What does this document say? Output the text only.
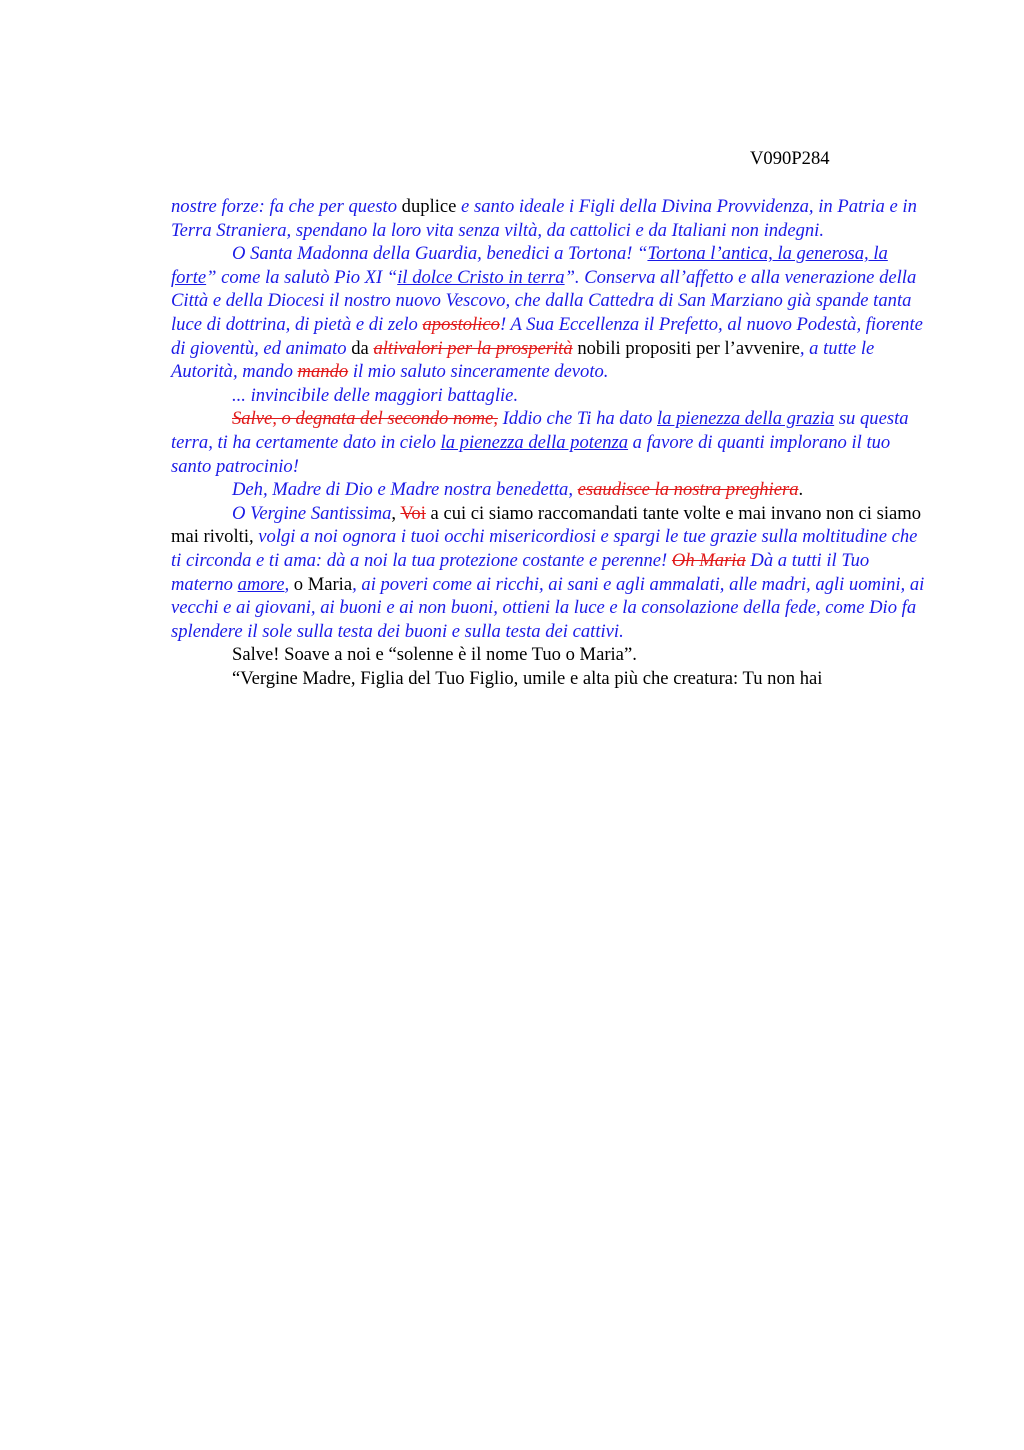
V090P284

nostre forze: fa che per questo duplice e santo ideale i Figli della Divina Provvidenza, in Patria e in Terra Straniera, spendano la loro vita senza viltà, da cattolici e da Italiani non indegni.

O Santa Madonna della Guardia, benedici a Tortona! “Tortona l’antica, la generosa, la forte” come la salutò Pio XI “il dolce Cristo in terra”. Conserva all’affetto e alla venerazione della Città e della Diocesi il nostro nuovo Vescovo, che dalla Cattedra di San Marziano già spande tanta luce di dottrina, di pietà e di zelo apostolico! A Sua Eccellenza il Prefetto, al nuovo Podestà, fiorente di gioventù, ed animato da altivalori per la prosperità nobili propositi per l’avvenire, a tutte le Autorità, mando mando il mio saluto sinceramente devoto.

... invincibile delle maggiori battaglie.

Salve, o degnata del secondo nome, Iddio che Ti ha dato la pienezza della grazia su questa terra, ti ha certamente dato in cielo la pienezza della potenza a favore di quanti implorano il tuo santo patrocinio!

Deh, Madre di Dio e Madre nostra benedetta, esaudisce la nostra preghiera.

O Vergine Santissima, Voi a cui ci siamo raccomandati tante volte e mai invano non ci siamo mai rivolti, volgi a noi ognora i tuoi occhi misericordiosi e spargi le tue grazie sulla moltitudine che ti circonda e ti ama: dà a noi la tua protezione costante e perenne! Oh Maria Dà a tutti il Tuo materno amore, o Maria, ai poveri come ai ricchi, ai sani e agli ammalati, alle madri, agli uomini, ai vecchi e ai giovani, ai buoni e ai non buoni, ottieni la luce e la consolazione della fede, come Dio fa splendere il sole sulla testa dei buoni e sulla testa dei cattivi.

Salve! Soave a noi e “solenne è il nome Tuo o Maria”.

“Vergine Madre, Figlia del Tuo Figlio, umile e alta più che creatura: Tu non hai
